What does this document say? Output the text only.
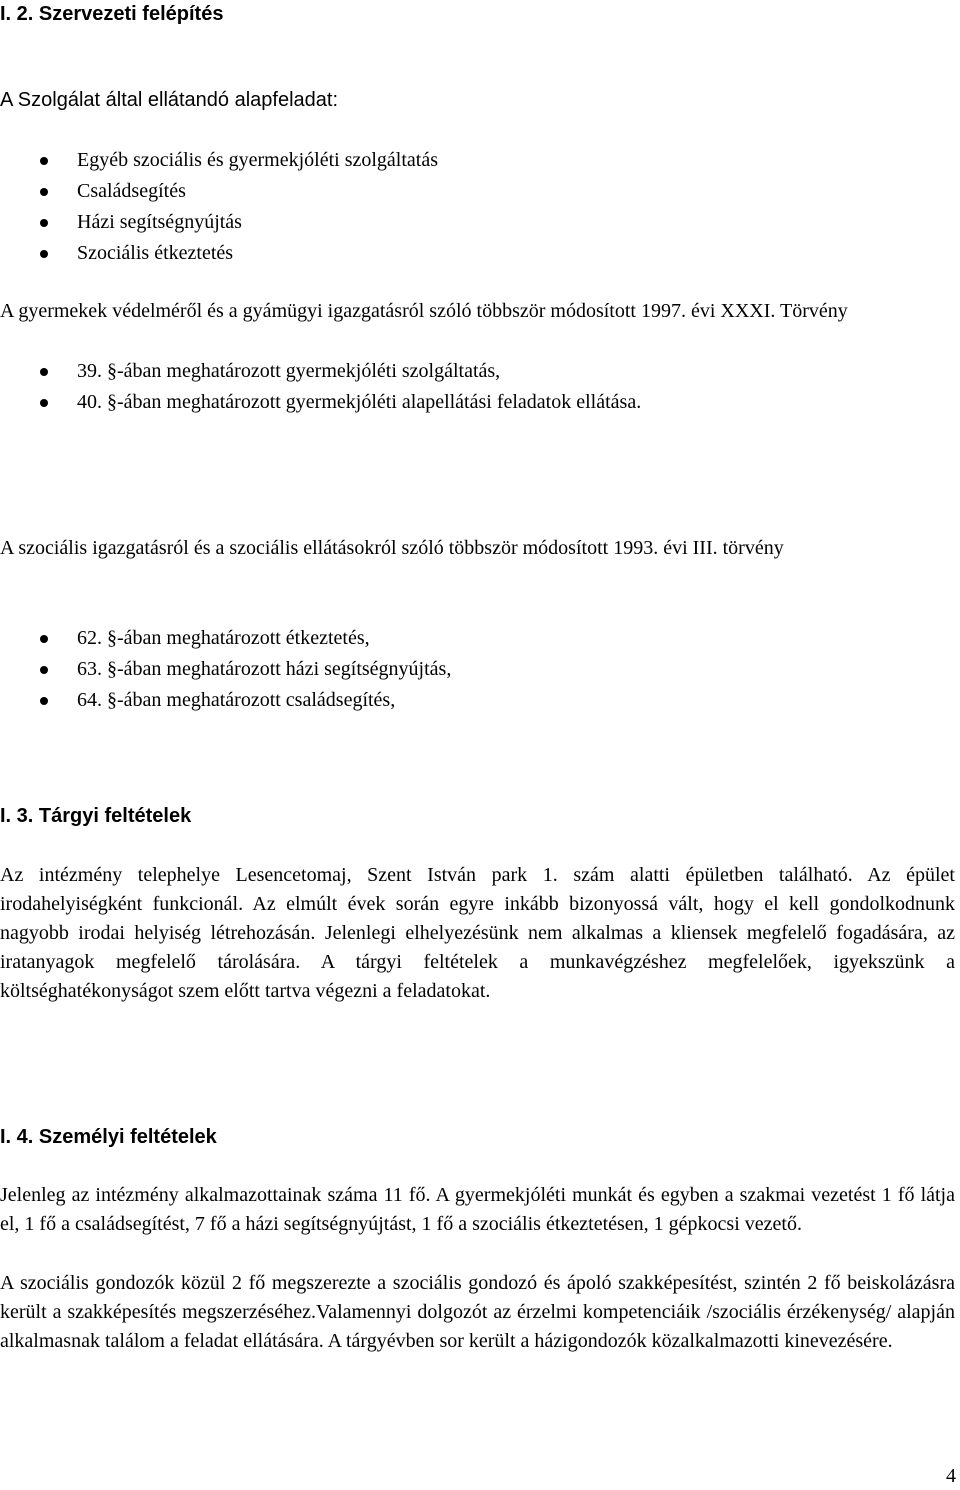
I. 2. Szervezeti felépítés
A Szolgálat által ellátandó alapfeladat:
Egyéb szociális és gyermekjóléti szolgáltatás
Családsegítés
Házi segítségnyújtás
Szociális étkeztetés
A gyermekek védelméről és a gyámügyi igazgatásról szóló többször módosított 1997. évi XXXI. Törvény
39. §-ában meghatározott gyermekjóléti szolgáltatás,
40. §-ában meghatározott gyermekjóléti alapellátási feladatok ellátása.
A szociális igazgatásról és a szociális ellátásokról szóló többször módosított 1993. évi III. törvény
62. §-ában meghatározott étkeztetés,
63. §-ában meghatározott házi segítségnyújtás,
64. §-ában meghatározott családsegítés,
I. 3. Tárgyi feltételek
Az intézmény telephelye Lesencetomaj, Szent István park 1. szám alatti épületben található. Az épület irodahelyiségként funkcionál. Az elmúlt évek során egyre inkább bizonyossá vált, hogy el kell gondolkodnunk nagyobb irodai helyiség létrehozásán. Jelenlegi elhelyezésünk nem alkalmas a kliensek megfelelő fogadására, az iratanyagok megfelelő tárolására. A tárgyi feltételek a munkavégzéshez megfelelőek, igyekszünk a költséghatékonyságot szem előtt tartva végezni a feladatokat.
I. 4. Személyi feltételek
Jelenleg az intézmény alkalmazottainak száma 11 fő. A gyermekjóléti munkát és egyben a szakmai vezetést 1 fő látja el, 1 fő a családsegítést, 7 fő a házi segítségnyújtást, 1 fő a szociális étkeztetésen, 1 gépkocsi vezető.
A szociális gondozók közül 2 fő megszerezte a szociális gondozó és ápoló szakképesítést, szintén 2 fő beiskolázásra került a szakképesítés megszerzéséhez.Valamennyi dolgozót az érzelmi kompetenciáik /szociális érzékenység/ alapján alkalmasnak találom a feladat ellátására. A tárgyévben sor került a házigondozók közalkalmazotti kinevezésére.
4
